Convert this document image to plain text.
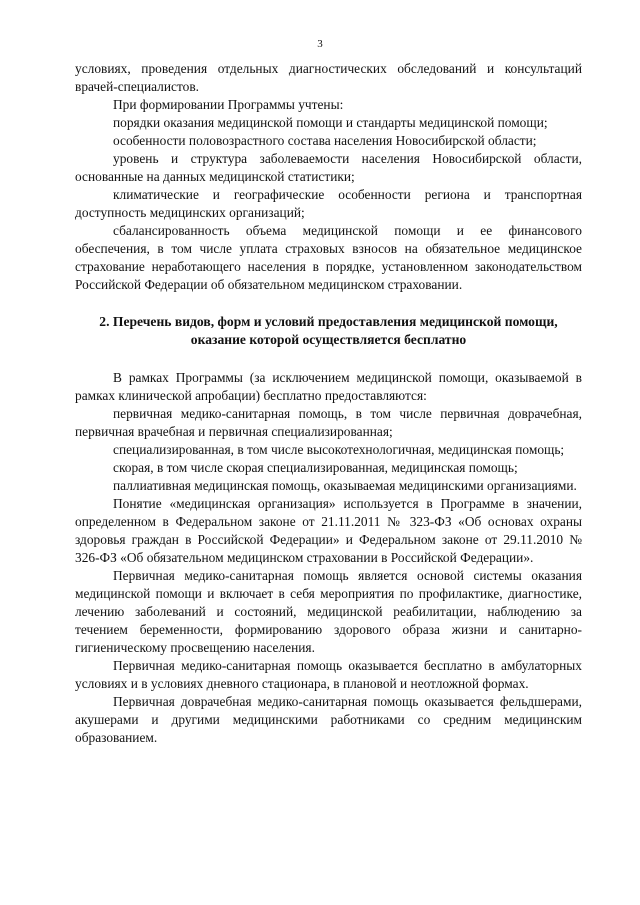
3

условиях, проведения отдельных диагностических обследований и консультаций врачей-специалистов.

При формировании Программы учтены:

порядки оказания медицинской помощи и стандарты медицинской помощи;

особенности половозрастного состава населения Новосибирской области;

уровень и структура заболеваемости населения Новосибирской области, основанные на данных медицинской статистики;

климатические и географические особенности региона и транспортная доступность медицинских организаций;

сбалансированность объема медицинской помощи и ее финансового обеспечения, в том числе уплата страховых взносов на обязательное медицинское страхование неработающего населения в порядке, установленном законодательством Российской Федерации об обязательном медицинском страховании.

2. Перечень видов, форм и условий предоставления медицинской помощи, оказание которой осуществляется бесплатно

В рамках Программы (за исключением медицинской помощи, оказываемой в рамках клинической апробации) бесплатно предоставляются:

первичная медико-санитарная помощь, в том числе первичная доврачебная, первичная врачебная и первичная специализированная;

специализированная, в том числе высокотехнологичная, медицинская помощь;

скорая, в том числе скорая специализированная, медицинская помощь;

паллиативная медицинская помощь, оказываемая медицинскими организациями.

Понятие «медицинская организация» используется в Программе в значении, определенном в Федеральном законе от 21.11.2011 № 323-ФЗ «Об основах охраны здоровья граждан в Российской Федерации» и Федеральном законе от 29.11.2010 № 326-ФЗ «Об обязательном медицинском страховании в Российской Федерации».

Первичная медико-санитарная помощь является основой системы оказания медицинской помощи и включает в себя мероприятия по профилактике, диагностике, лечению заболеваний и состояний, медицинской реабилитации, наблюдению за течением беременности, формированию здорового образа жизни и санитарно-гигиеническому просвещению населения.

Первичная медико-санитарная помощь оказывается бесплатно в амбулаторных условиях и в условиях дневного стационара, в плановой и неотложной формах.

Первичная доврачебная медико-санитарная помощь оказывается фельдшерами, акушерами и другими медицинскими работниками со средним медицинским образованием.
